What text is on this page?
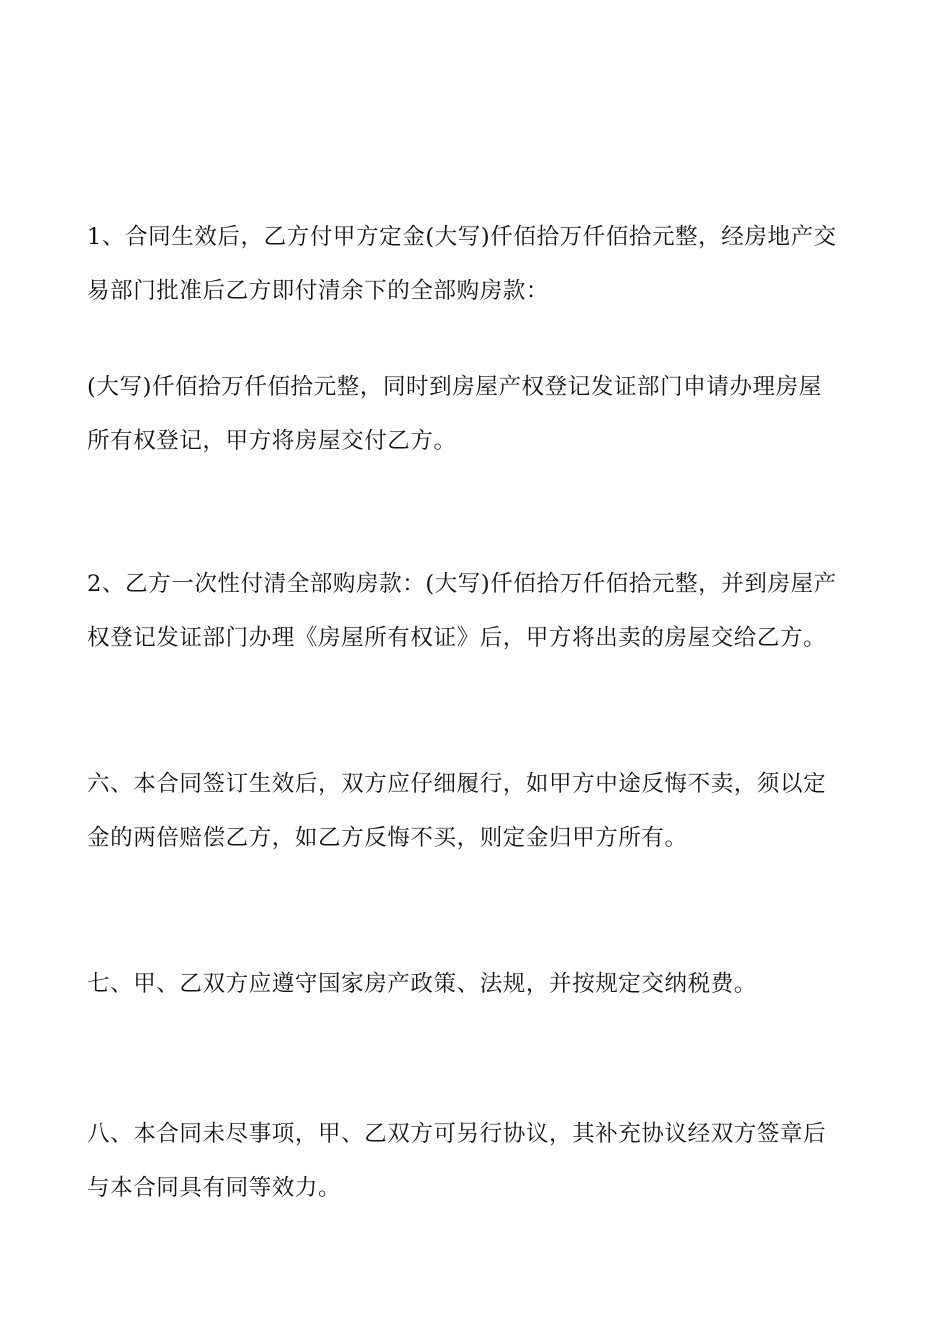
1、合同生效后，乙方付甲方定金(大写)仟佰拾万仟佰拾元整，经房地产交
易部门批准后乙方即付清余下的全部购房款：

(大写)仟佰拾万仟佰拾元整，同时到房屋产权登记发证部门申请办理房屋
所有权登记，甲方将房屋交付乙方。

2、乙方一次性付清全部购房款：(大写)仟佰拾万仟佰拾元整，并到房屋产
权登记发证部门办理《房屋所有权证》后，甲方将出卖的房屋交给乙方。

六、本合同签订生效后，双方应仔细履行，如甲方中途反悔不卖，须以定
金的两倍赔偿乙方，如乙方反悔不买，则定金归甲方所有。

七、甲、乙双方应遵守国家房产政策、法规，并按规定交纳税费。

八、本合同未尽事项，甲、乙双方可另行协议，其补充协议经双方签章后
与本合同具有同等效力。
